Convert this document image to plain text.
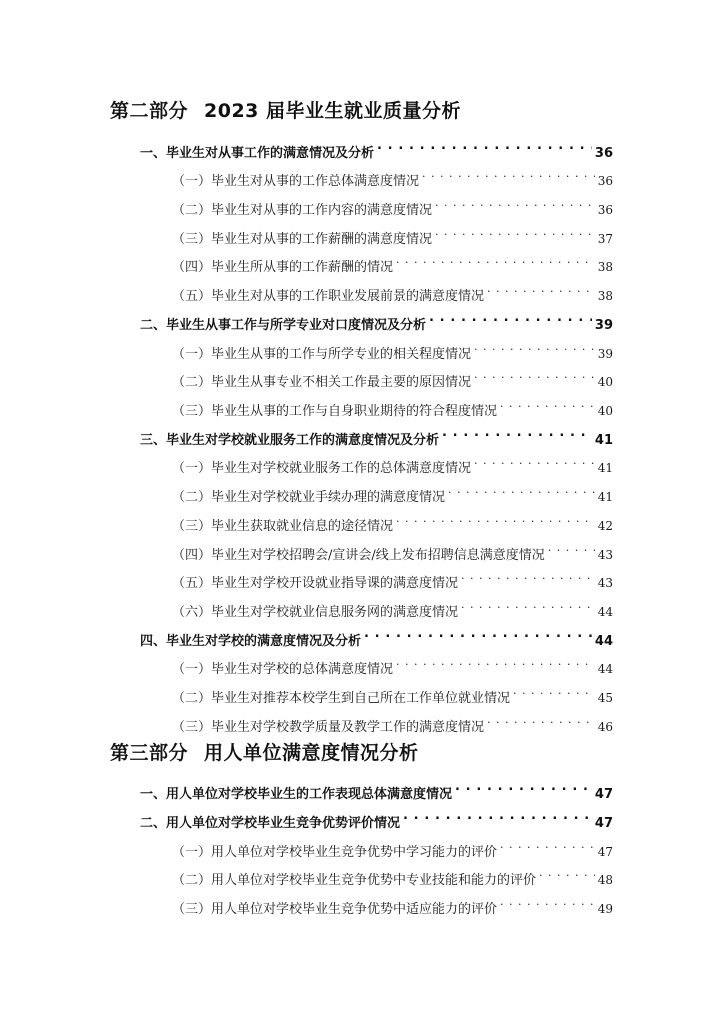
第二部分 2023 届毕业生就业质量分析
一、毕业生对从事工作的满意情况及分析 . . .	36
（一）毕业生对从事的工作总体满意度情况 . . .	36
（二）毕业生对从事的工作内容的满意度情况 . . .	36
（三）毕业生对从事的工作薪酬的满意度情况 . . .	37
（四）毕业生所从事的工作薪酬的情况 . . .	38
（五）毕业生对从事的工作职业发展前景的满意度情况 . . .	38
二、毕业生从事工作与所学专业对口度情况及分析 . . .	39
（一）毕业生从事的工作与所学专业的相关程度情况 . . .	39
（二）毕业生从事专业不相关工作最主要的原因情况 . . .	40
（三）毕业生从事的工作与自身职业期待的符合程度情况 . . .	40
三、毕业生对学校就业服务工作的满意度情况及分析 . . .	41
（一）毕业生对学校就业服务工作的总体满意度情况 . . .	41
（二）毕业生对学校就业手续办理的满意度情况 . . .	41
（三）毕业生获取就业信息的途径情况 . . .	42
（四）毕业生对学校招聘会/宣讲会/线上发布招聘信息满意度情况 . . .	43
（五）毕业生对学校开设就业指导课的满意度情况 . . .	43
（六）毕业生对学校就业信息服务网的满意度情况 . . .	44
四、毕业生对学校的满意度情况及分析 . . .	44
（一）毕业生对学校的总体满意度情况 . . .	44
（二）毕业生对推荐本校学生到自己所在工作单位就业情况 . . .	45
（三）毕业生对学校教学质量及教学工作的满意度情况 . . .	46
第三部分 用人单位满意度情况分析
一、用人单位对学校毕业生的工作表现总体满意度情况 . . .	47
二、用人单位对学校毕业生竞争优势评价情况 . . .	47
（一）用人单位对学校毕业生竞争优势中学习能力的评价 . . .	47
（二）用人单位对学校毕业生竞争优势中专业技能和能力的评价 . . .	48
（三）用人单位对学校毕业生竞争优势中适应能力的评价 . . .	49
